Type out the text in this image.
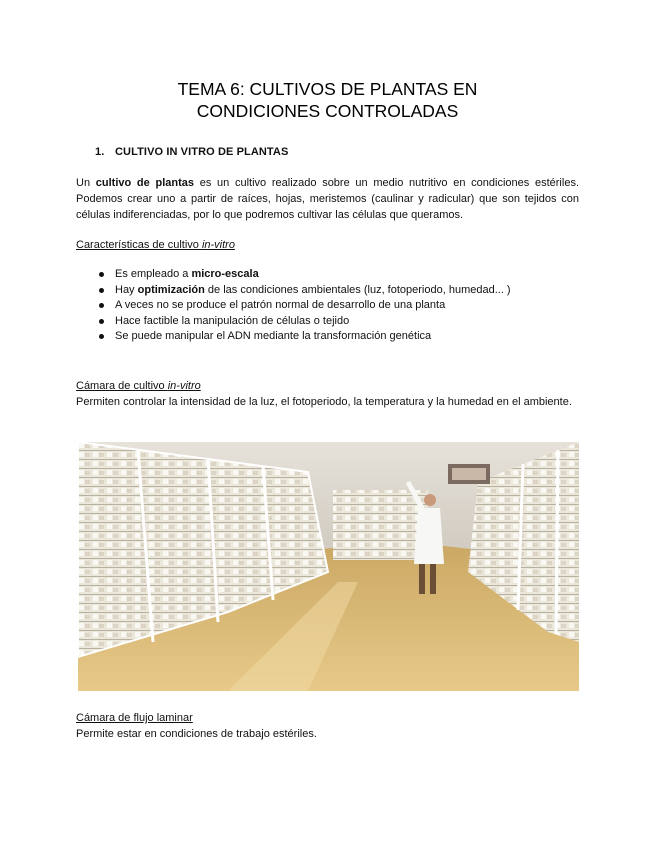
TEMA 6: CULTIVOS DE PLANTAS EN
CONDICIONES CONTROLADAS
1. CULTIVO IN VITRO DE PLANTAS
Un cultivo de plantas es un cultivo realizado sobre un medio nutritivo en condiciones estériles. Podemos crear uno a partir de raíces, hojas, meristemos (caulinar y radicular) que son tejidos con células indiferenciadas, por lo que podremos cultivar las células que queramos.
Características de cultivo in-vitro
Es empleado a micro-escala
Hay optimización de las condiciones ambientales (luz, fotoperiodo, humedad... )
A veces no se produce el patrón normal de desarrollo de una planta
Hace factible la manipulación de células o tejido
Se puede manipular el ADN mediante la transformación genética
Cámara de cultivo in-vitro
Permiten controlar la intensidad de la luz, el fotoperiodo, la temperatura y la humedad en el ambiente.
Cámara de flujo laminar
Permite estar en condiciones de trabajo estériles.
